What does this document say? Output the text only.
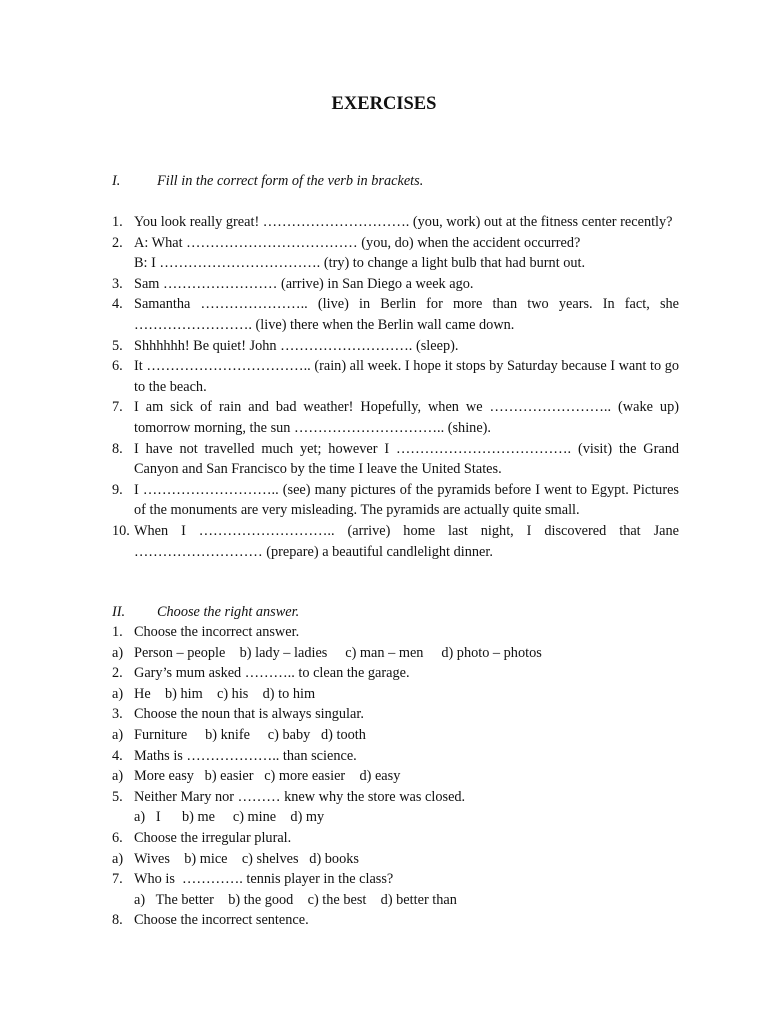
EXERCISES
I.	Fill in the correct form of the verb in brackets.
1. You look really great! …………………………. (you, work) out at the fitness center recently?
2. A: What ……………………………… (you, do) when the accident occurred?
B: I ……………………………. (try) to change a light bulb that had burnt out.
3. Sam …………………… (arrive) in San Diego a week ago.
4. Samantha ………………….. (live) in Berlin for more than two years. In fact, she ……………………. (live) there when the Berlin wall came down.
5. Shhhhhh! Be quiet! John ………………………. (sleep).
6. It …………………………….. (rain) all week. I hope it stops by Saturday because I want to go to the beach.
7. I am sick of rain and bad weather! Hopefully, when we …………………….. (wake up) tomorrow morning, the sun ………………………….. (shine).
8. I have not travelled much yet; however I ………………………………. (visit) the Grand Canyon and San Francisco by the time I leave the United States.
9. I ……………………….. (see) many pictures of the pyramids before I went to Egypt. Pictures of the monuments are very misleading. The pyramids are actually quite small.
10. When I ……………………….. (arrive) home last night, I discovered that Jane ……………………… (prepare) a beautiful candlelight dinner.
II. Choose the right answer.
1. Choose the incorrect answer.
a) Person – people    b) lady – ladies     c) man – men     d) photo – photos
2. Gary’s mum asked ……….. to clean the garage.
a) He    b) him    c) his    d) to him
3. Choose the noun that is always singular.
a) Furniture     b) knife     c) baby   d) tooth
4. Maths is ……………….. than science.
a) More easy   b) easier   c) more easier    d) easy
5. Neither Mary nor ……… knew why the store was closed.
a)   I      b) me     c) mine    d) my
6. Choose the irregular plural.
a) Wives    b) mice    c) shelves   d) books
7. Who is  …………. tennis player in the class?
a)   The better    b) the good    c) the best    d) better than
8. Choose the incorrect sentence.
